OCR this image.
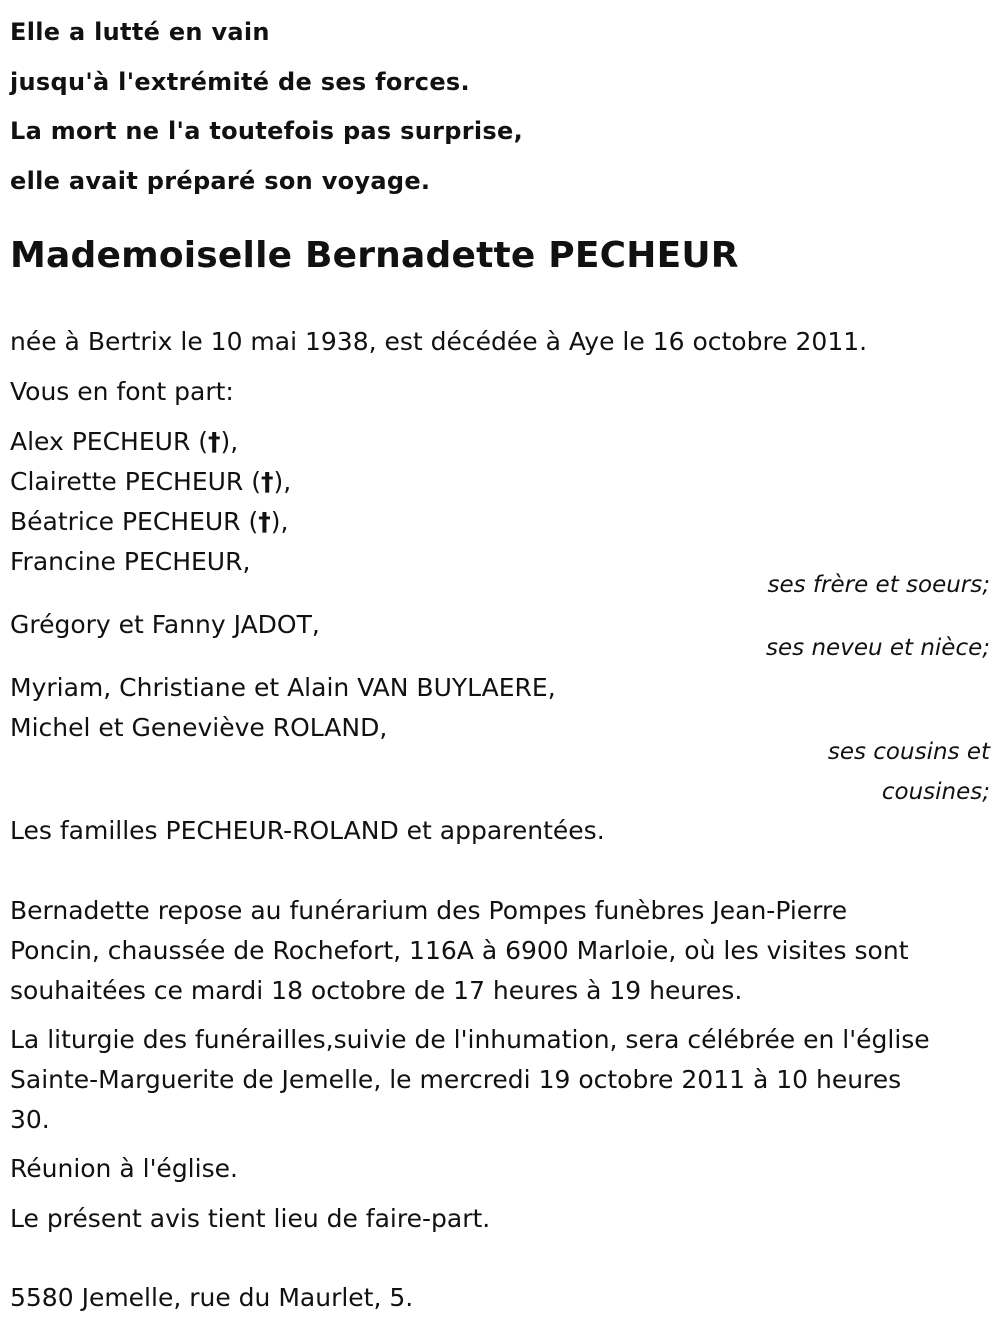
Elle a lutté en vain
jusqu'à l'extrémité de ses forces.
La mort ne l'a toutefois pas surprise,
elle avait préparé son voyage.
Mademoiselle Bernadette PECHEUR

née à Bertrix le 10 mai 1938, est décédée à Aye le 16 octobre 2011.

Vous en font part:

Alex PECHEUR (†),
Clairette PECHEUR (†),
Béatrice PECHEUR (†),
Francine PECHEUR,

ses frère et soeurs;

Grégory et Fanny JADOT,

ses neveu et nièce;

Myriam, Christiane et Alain VAN BUYLAERE,
Michel et Geneviève ROLAND,

ses cousins et

cousines;

Les familles PECHEUR-ROLAND et apparentées.

Bernadette repose au funérarium des Pompes funèbres Jean-Pierre
Poncin, chaussée de Rochefort, 116A à 6900 Marloie, où les visites sont
souhaitées ce mardi 18 octobre de 17 heures à 19 heures.
La liturgie des funérailles,suivie de l'inhumation, sera célébrée en l'église
Sainte-Marguerite de Jemelle, le mercredi 19 octobre 2011 à 10 heures
30.

Réunion à l'église.

Le présent avis tient lieu de faire-part.

5580 Jemelle, rue du Maurlet, 5.
